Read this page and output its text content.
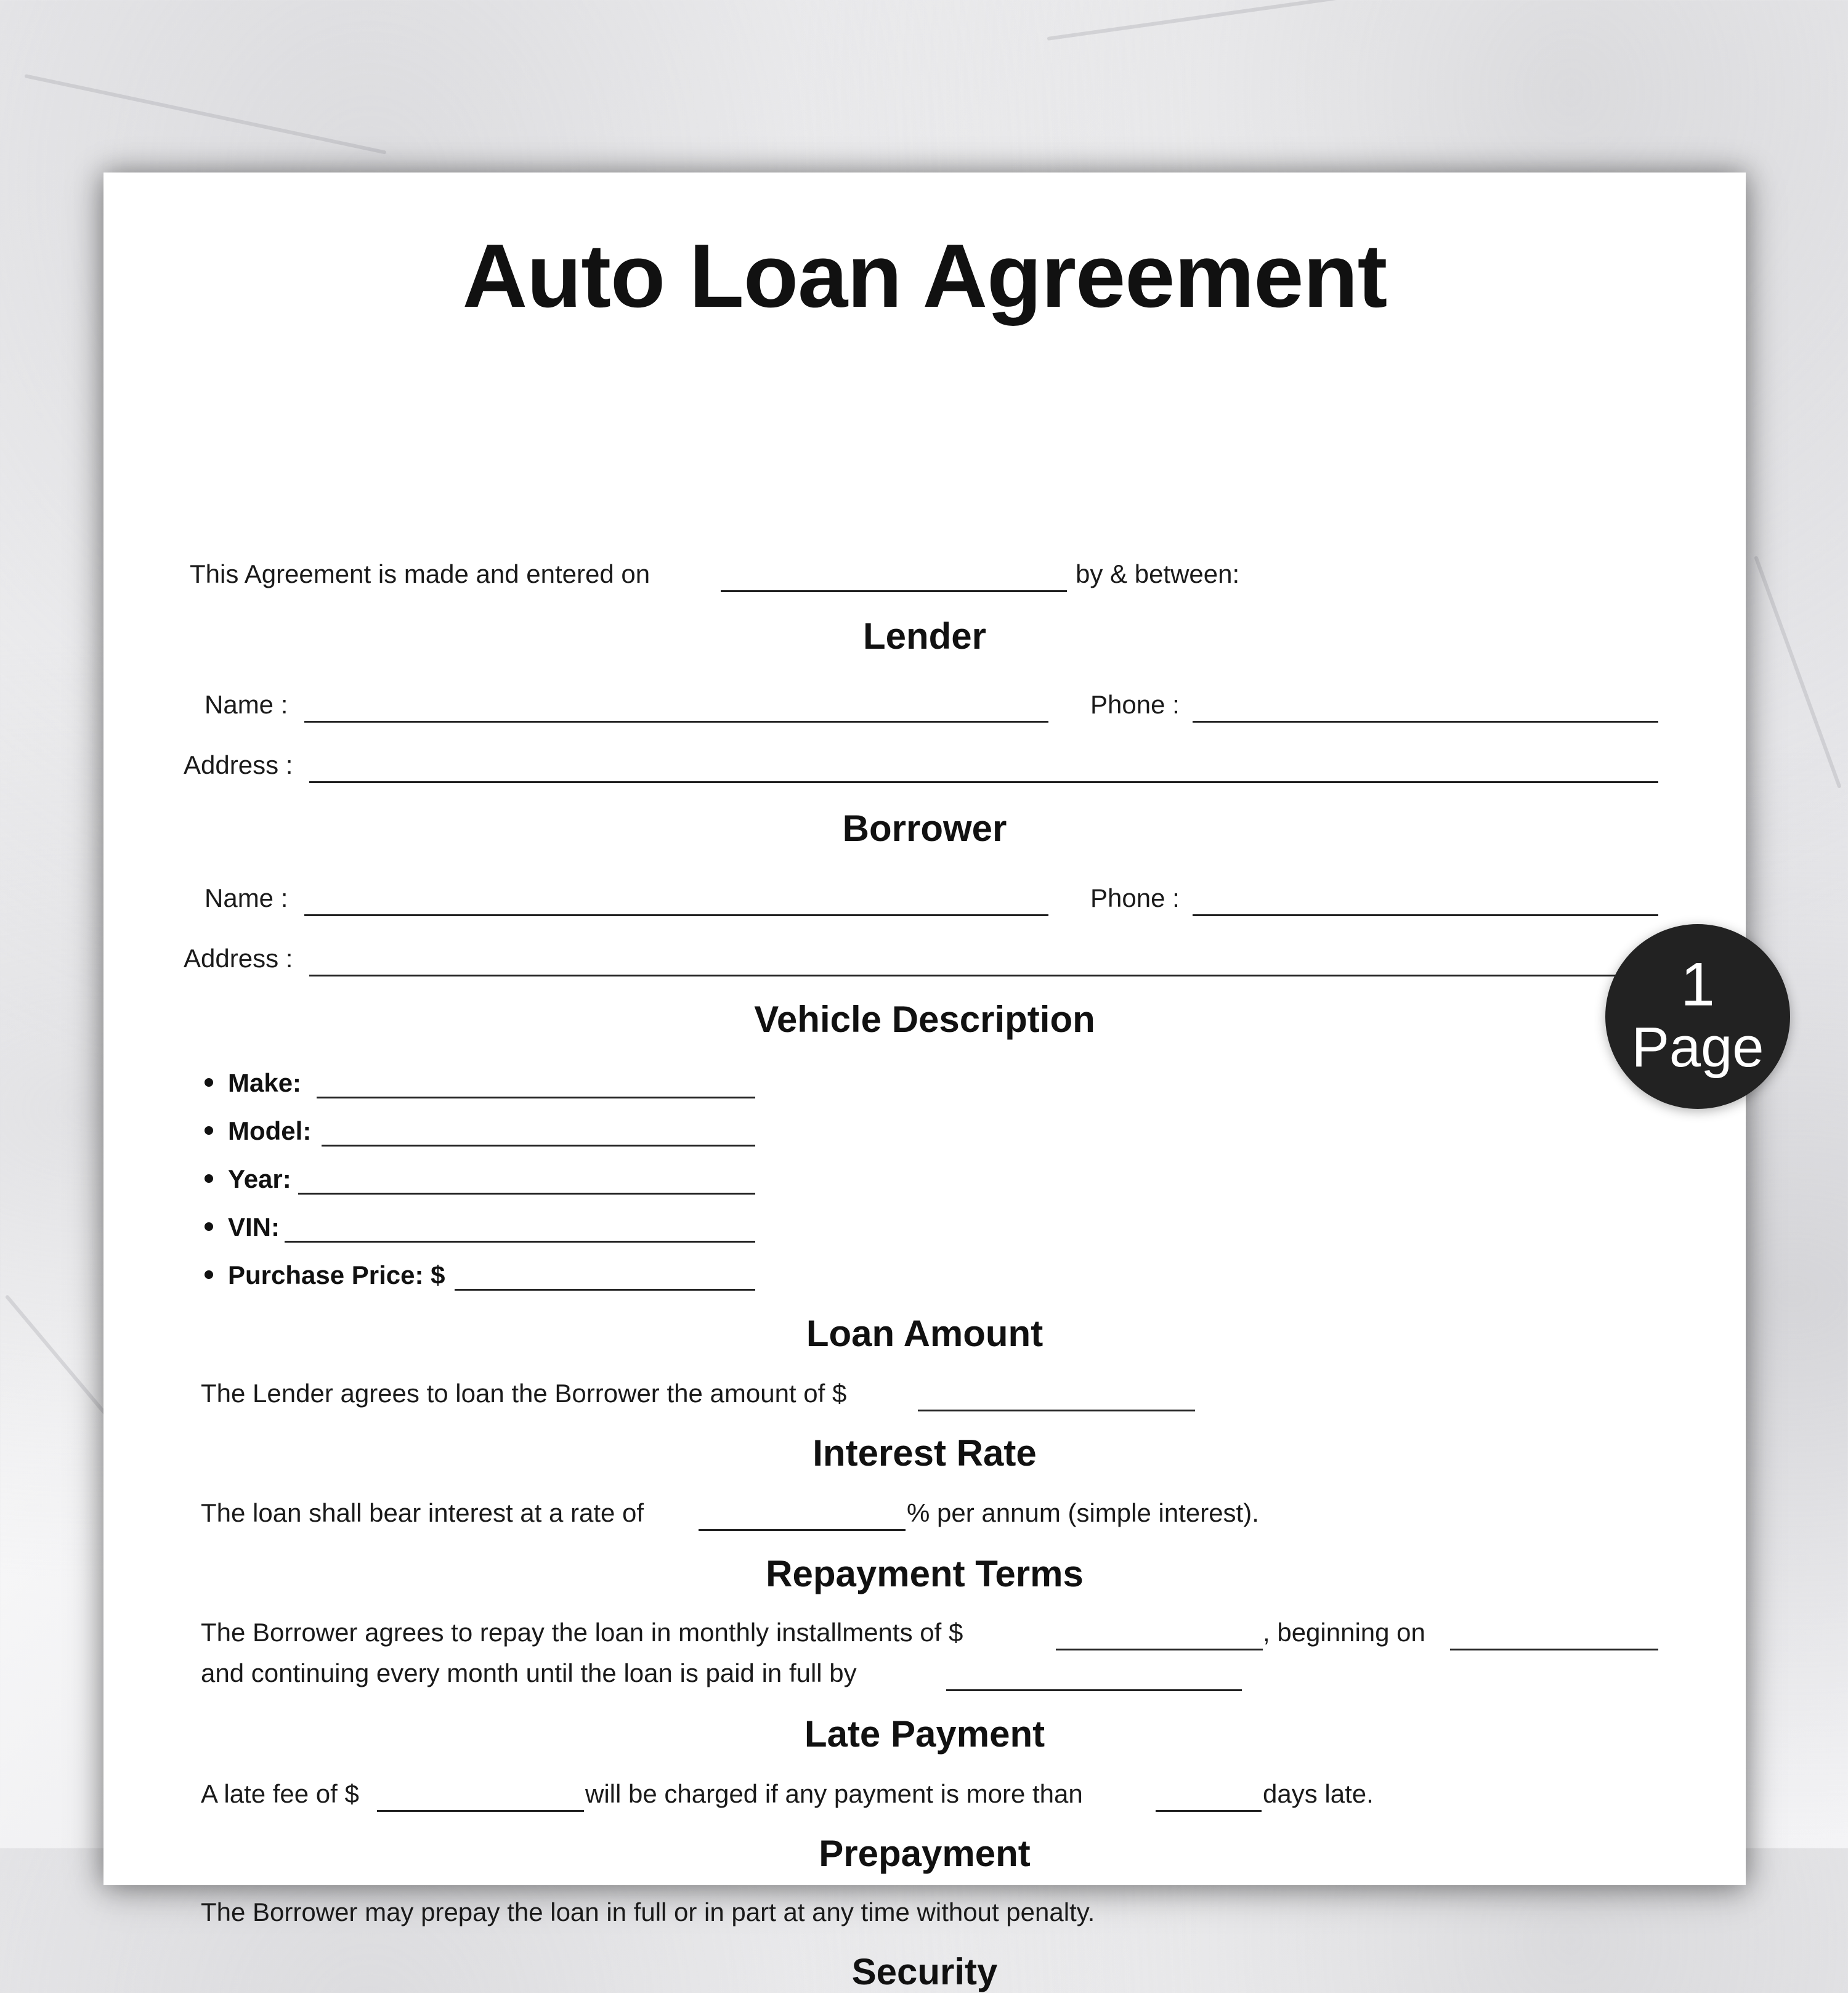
Auto Loan Agreement
This Agreement is made and entered on	by & between:
Lender
Name :	Phone :
Address :
Borrower
Name :	Phone :
Address :
Vehicle Description
Make:
Model:
Year:
VIN:
Purchase Price: $
Loan Amount
The Lender agrees to loan the Borrower the amount of $
Interest Rate
The loan shall bear interest at a rate of	% per annum (simple interest).
Repayment Terms
The Borrower agrees to repay the loan in monthly installments of $	, beginning on
and continuing every month until the loan is paid in full by
Late Payment
A late fee of $	will be charged if any payment is more than	days late.
Prepayment
The Borrower may prepay the loan in full or in part at any time without penalty.
Security
1
Page
